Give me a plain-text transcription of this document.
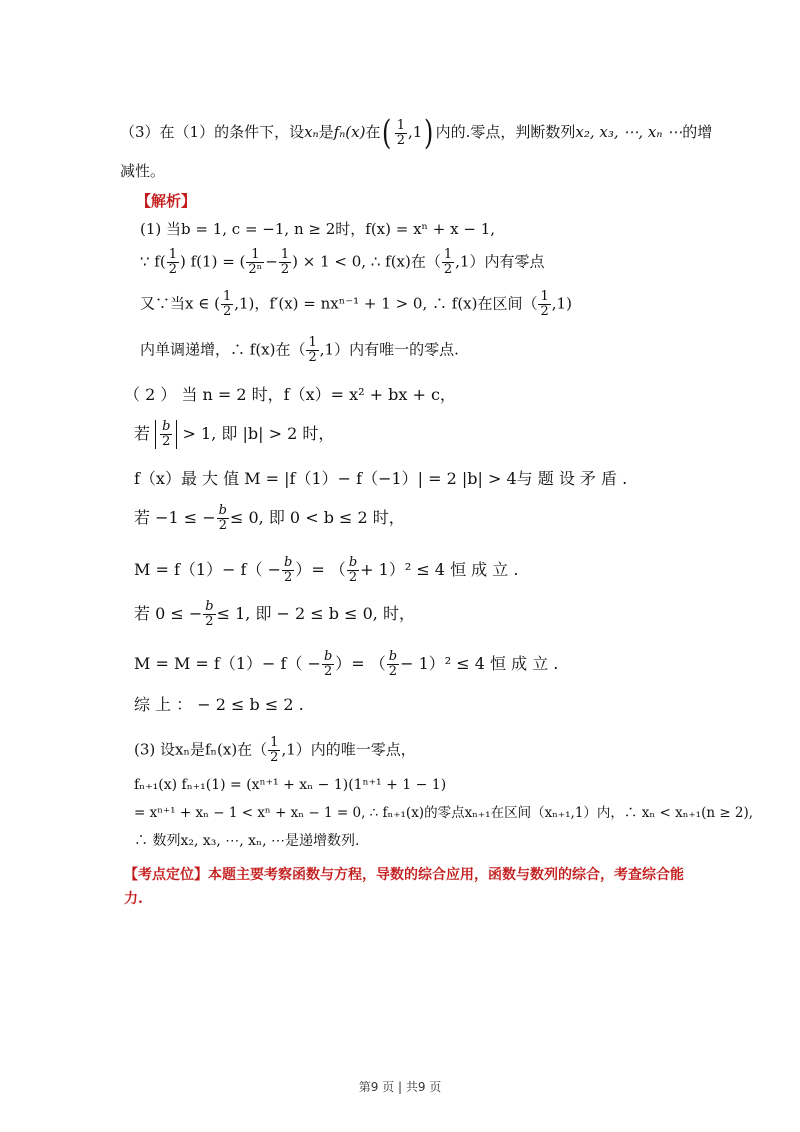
（3）在（1）的条件下，设xₙ是fₙ(x)在( $\frac{1}{2} ,1$) 内的.零点，判断数列x₂, x₃, ⋯, xₙ ⋯的增
减性。
【解析】
(1) 当b = 1, c = −1, n ≥ 2时，f(x) = xⁿ + x − 1,
∵ $f( \frac{1}{2}$ ) f(1) = ( $\frac{1}{\text{2ⁿ}} - \frac{1}{2}$ ) × 1 < 0, ∴ f(x)在（ $\frac{1}{2} ,1$）内有零点
又∵当x ∈ ( $\frac{1}{2} ,1$)，f′(x) = nxⁿ⁻¹ + 1 > 0, ∴ f(x)在区间（ $\frac{1}{2} ,1$)
内单调递增，∴ f(x)在（ $\frac{1}{2} ,1$）内有唯一的零点.
（ 2 ） 当 n = 2 时，f（x）= x² + bx + c，
若 $\frac{b}{2} > 1$, 即 |b| > 2 时，
f（x）最 大 值 M = |f（1）− f（−1）| = 2 |b| > 4与 题 设 矛 盾 .
若 −1 ≤ − $\frac{b}{2} \le 0$, 即 0 < b ≤ 2 时，
$M = f(1)- f( - \frac{b}{2}$ ）= （ $\frac{b}{2} + 1)^2 \le 4$ 恒 成 立 .
若 0 ≤ − $\frac{b}{2} \le 1$, 即 − 2 ≤ b ≤ 0, 时，
$M = M = f(1)- f( - \frac{b}{2}$ ）= （ $\frac{b}{2} - 1)^2 \le 4$ 恒 成 立 .
综 上 ： − 2 ≤ b ≤ 2 .
(3) 设xₙ是fₙ(x)在（ $\frac{1}{2} ,1$）内的唯一零点，
fₙ₊₁(x) fₙ₊₁(1) = (xⁿ⁺¹ + xₙ − 1)(1ⁿ⁺¹ + 1 − 1)
= xⁿ⁺¹ + xₙ − 1 < xⁿ + xₙ − 1 = 0, ∴ fₙ₊₁(x)的零点xₙ₊₁在区间（xₙ₊₁,1）内，∴ xₙ < xₙ₊₁(n ≥ 2),
∴ 数列x₂, x₃, ⋯, xₙ, ⋯是递增数列.
【考点定位】本题主要考察函数与方程，导数的综合应用，函数与数列的综合，考查综合能
力.
第9 页 | 共9 页
